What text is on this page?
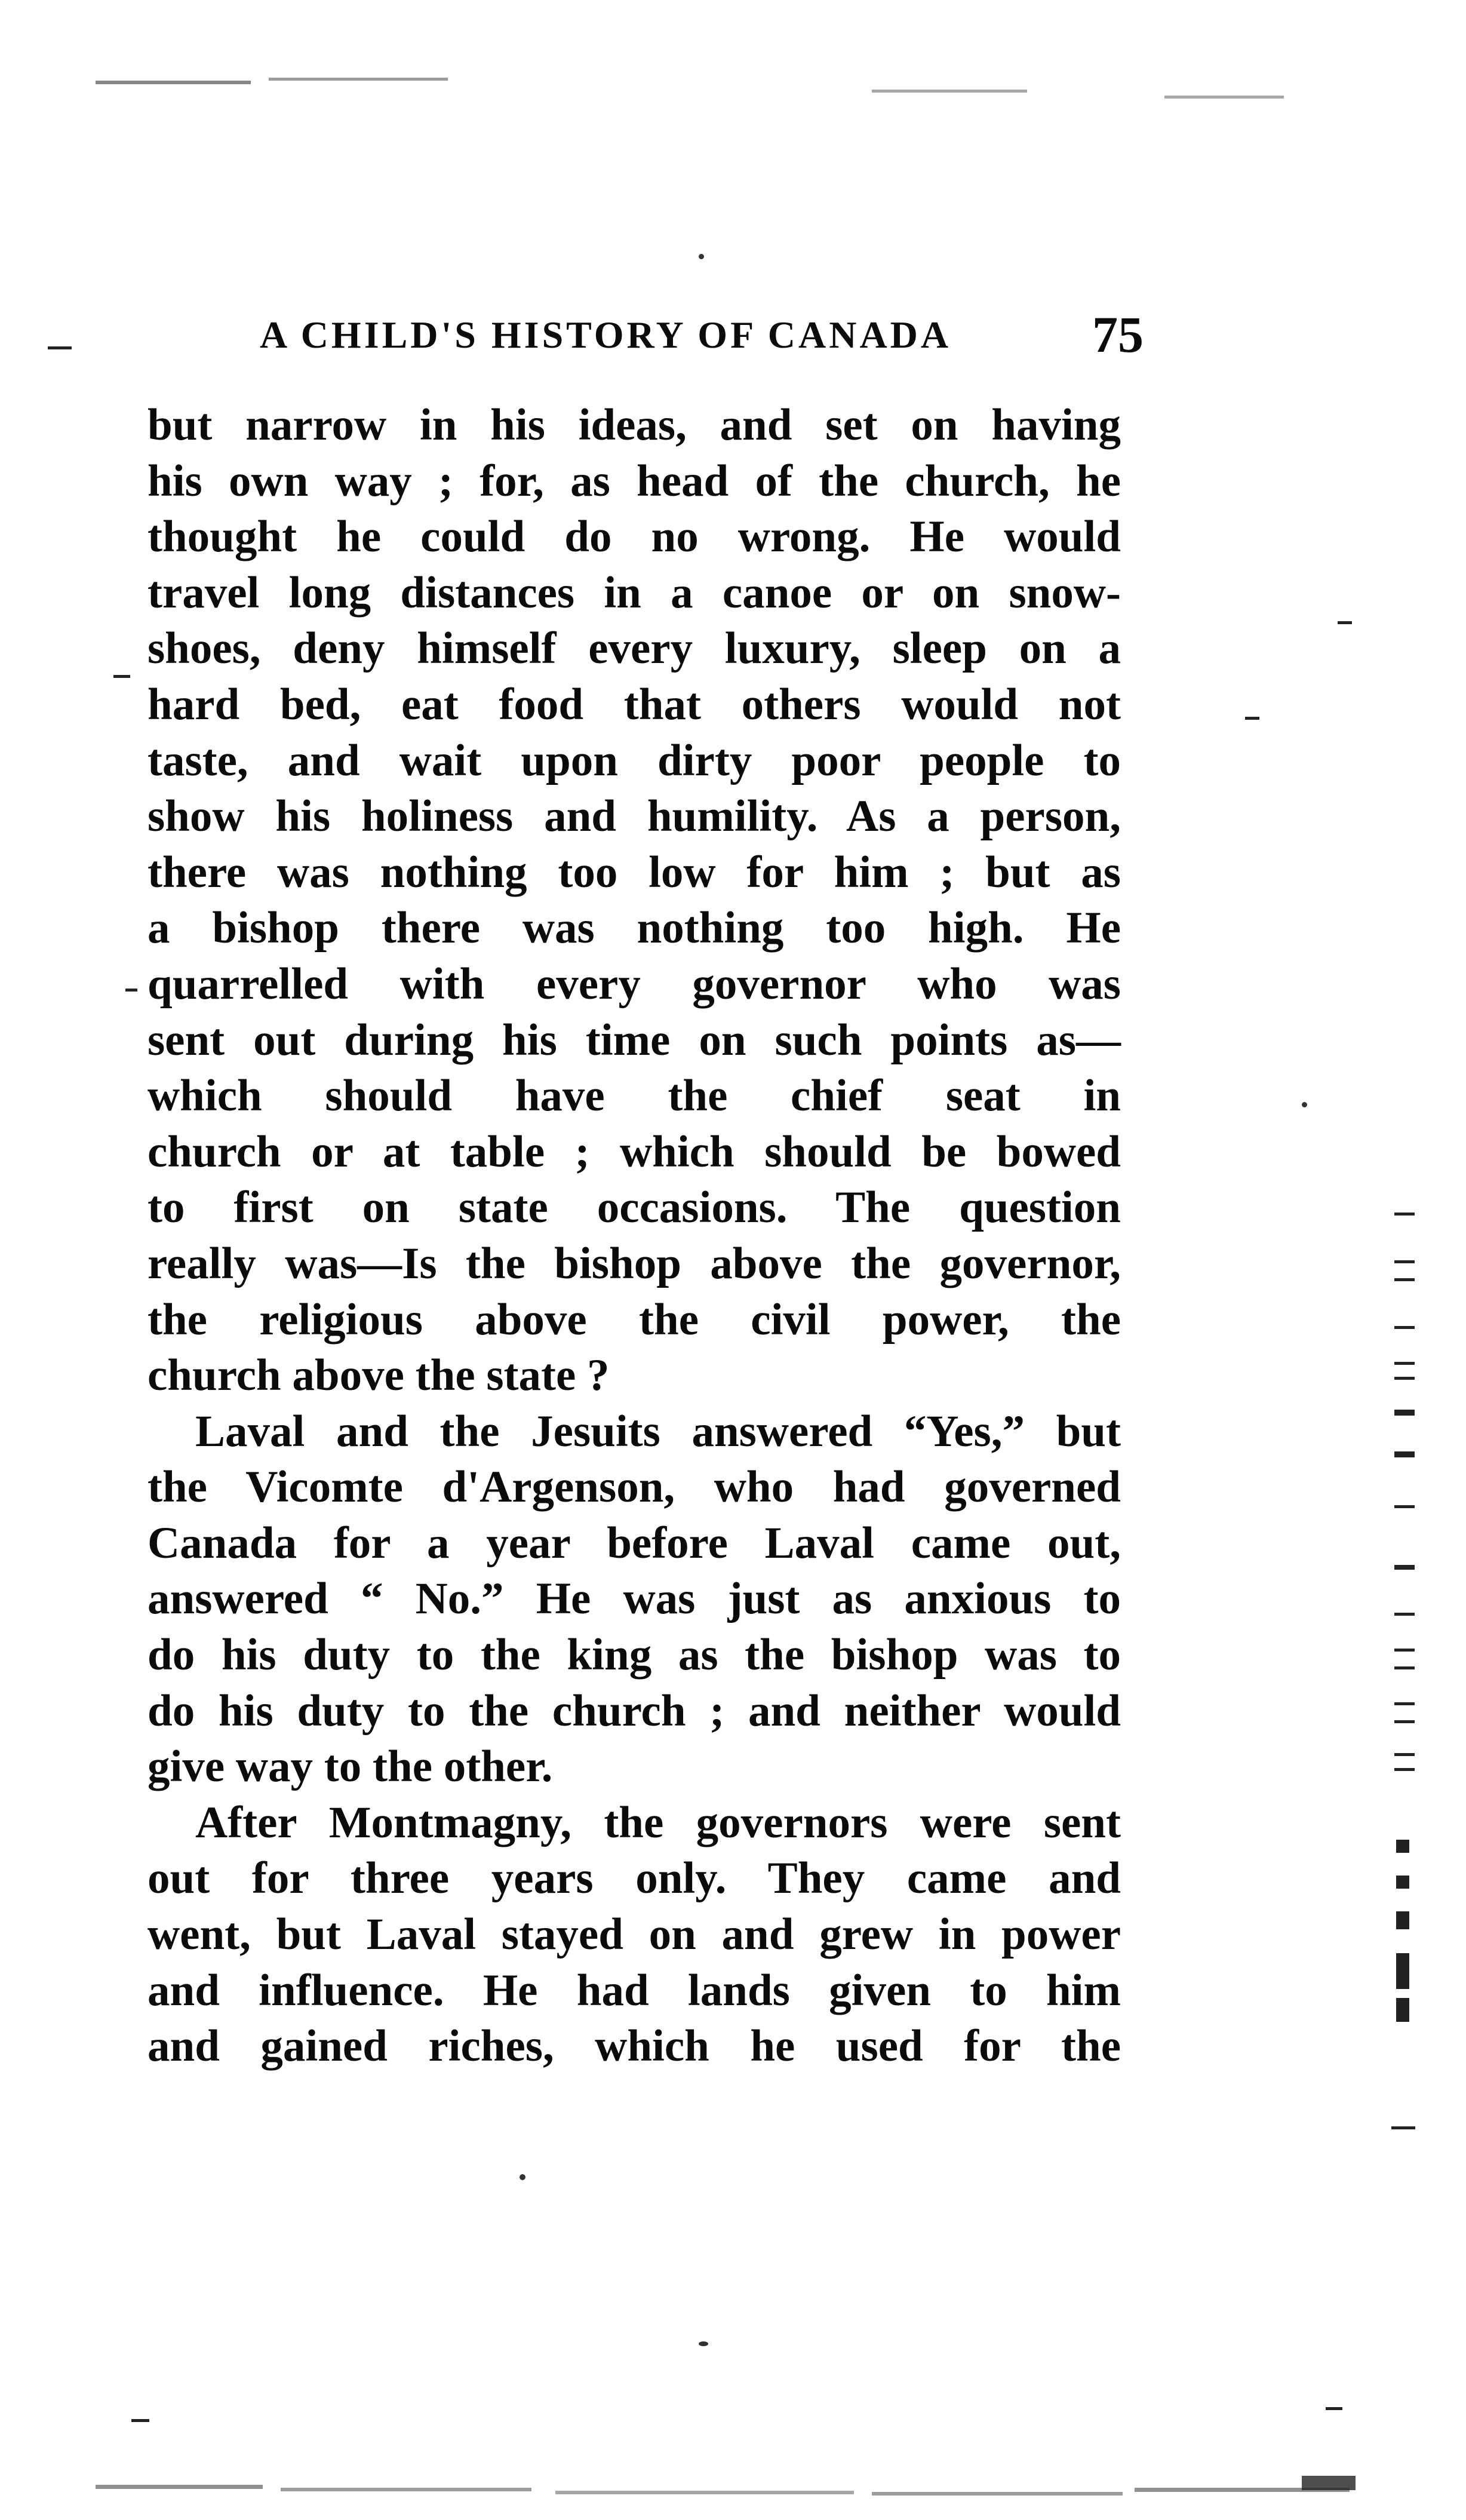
A CHILD'S HISTORY OF CANADA	75
but narrow in his ideas, and set on having
his own way ; for, as head of the church, he
thought he could do no wrong. He would
travel long distances in a canoe or on snow-
shoes, deny himself every luxury, sleep on a
hard bed, eat food that others would not
taste, and wait upon dirty poor people to
show his holiness and humility. As a person,
there was nothing too low for him ; but as
a bishop there was nothing too high. He
quarrelled with every governor who was
sent out during his time on such points as—
which should have the chief seat in
church or at table ; which should be bowed
to first on state occasions. The question
really was—Is the bishop above the governor,
the religious above the civil power, the
church above the state ?
Laval and the Jesuits answered “Yes,” but
the Vicomte d'Argenson, who had governed
Canada for a year before Laval came out,
answered “ No.” He was just as anxious to
do his duty to the king as the bishop was to
do his duty to the church ; and neither would
give way to the other.
After Montmagny, the governors were sent
out for three years only. They came and
went, but Laval stayed on and grew in power
and influence. He had lands given to him
and gained riches, which he used for the
